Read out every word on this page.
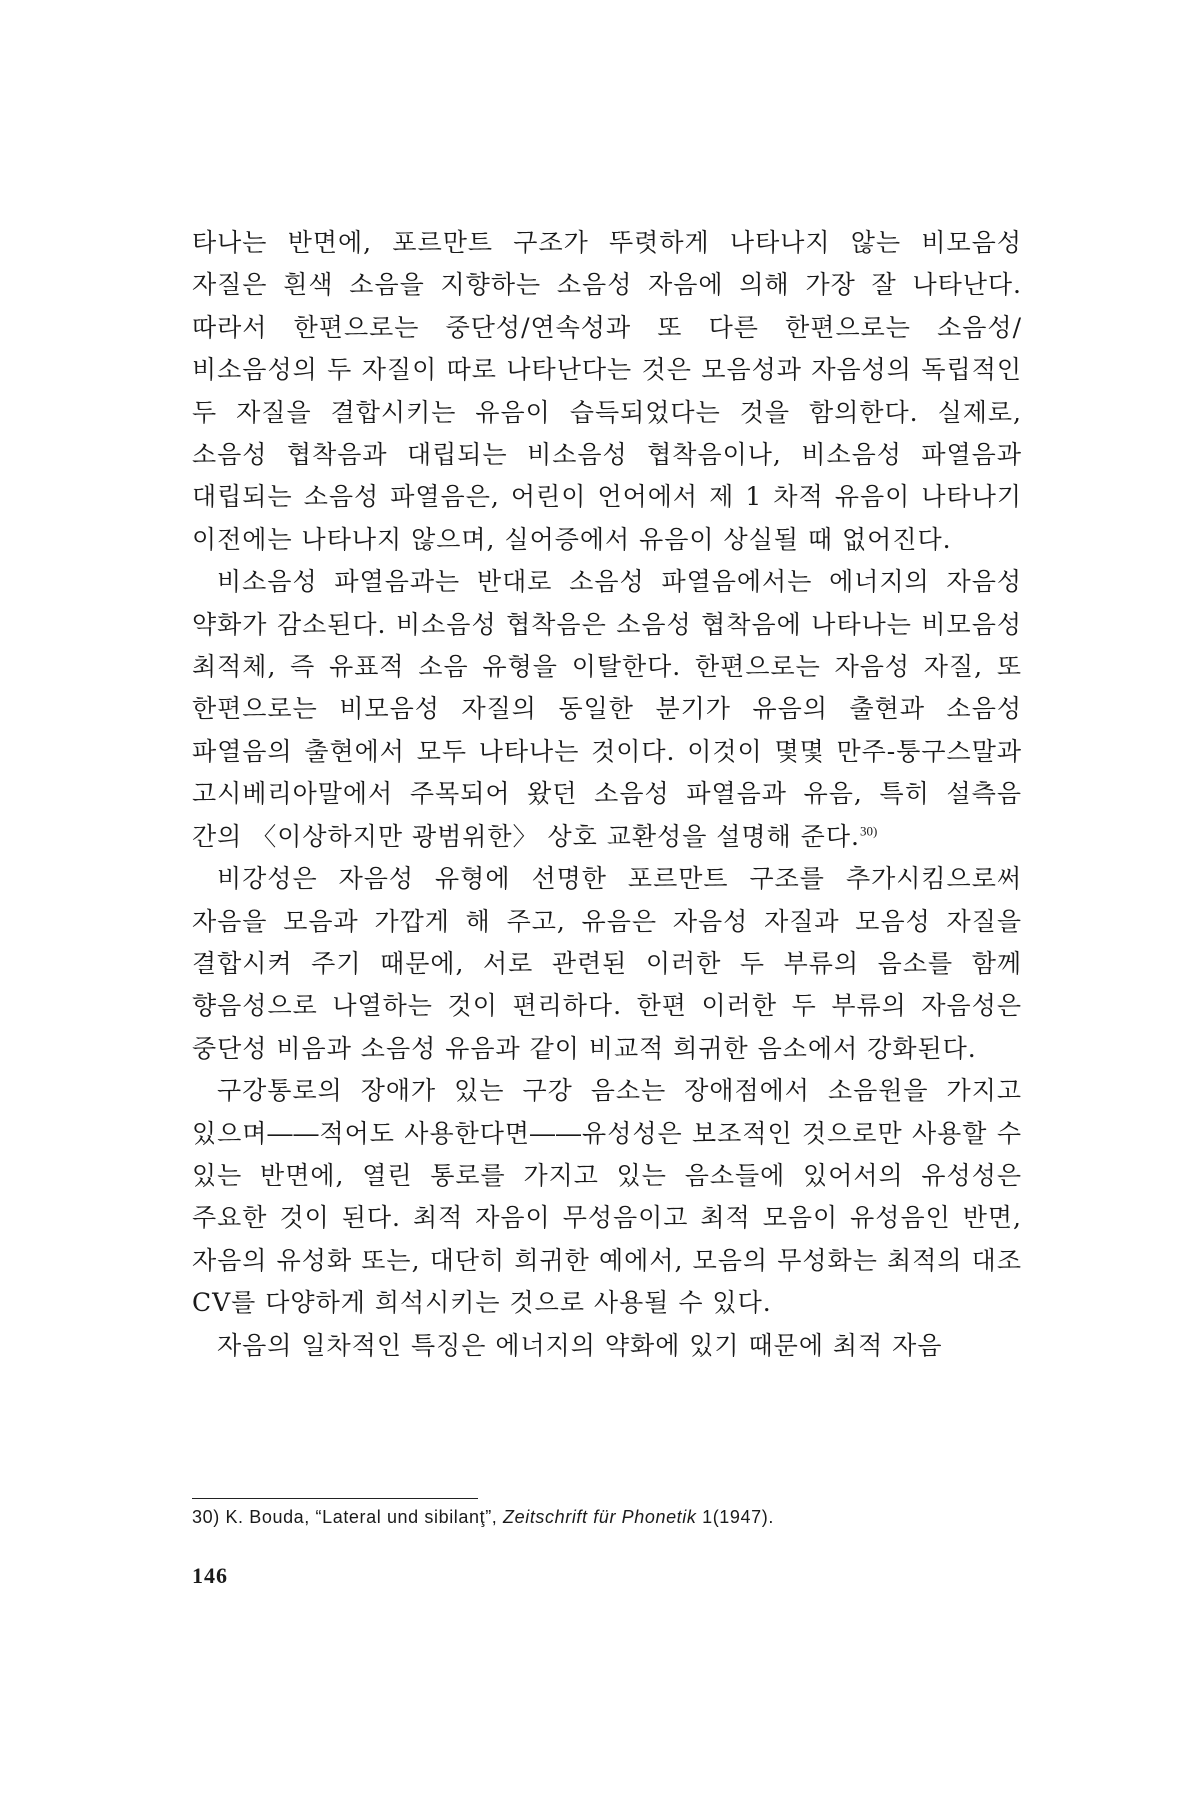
타나는 반면에, 포르만트 구조가 뚜렷하게 나타나지 않는 비모음성 자질은 흰색 소음을 지향하는 소음성 자음에 의해 가장 잘 나타난다. 따라서 한편으로는 중단성/연속성과 또 다른 한편으로는 소음성/비소음성의 두 자질이 따로 나타난다는 것은 모음성과 자음성의 독립적인 두 자질을 결합시키는 유음이 습득되었다는 것을 함의한다. 실제로, 소음성 협착음과 대립되는 비소음성 협착음이나, 비소음성 파열음과 대립되는 소음성 파열음은, 어린이 언어에서 제 1 차적 유음이 나타나기 이전에는 나타나지 않으며, 실어증에서 유음이 상실될 때 없어진다.

비소음성 파열음과는 반대로 소음성 파열음에서는 에너지의 자음성 약화가 감소된다. 비소음성 협착음은 소음성 협착음에 나타나는 비모음성 최적체, 즉 유표적 소음 유형을 이탈한다. 한편으로는 자음성 자질, 또 한편으로는 비모음성 자질의 동일한 분기가 유음의 출현과 소음성 파열음의 출현에서 모두 나타나는 것이다. 이것이 몇몇 만주-퉁구스말과 고시베리아말에서 주목되어 왔던 소음성 파열음과 유음, 특히 설측음 간의 〈이상하지만 광범위한〉 상호 교환성을 설명해 준다.$^{30)}$

비강성은 자음성 유형에 선명한 포르만트 구조를 추가시킴으로써 자음을 모음과 가깝게 해 주고, 유음은 자음성 자질과 모음성 자질을 결합시켜 주기 때문에, 서로 관련된 이러한 두 부류의 음소를 함께 향음성으로 나열하는 것이 편리하다. 한편 이러한 두 부류의 자음성은 중단성 비음과 소음성 유음과 같이 비교적 희귀한 음소에서 강화된다.

구강통로의 장애가 있는 구강 음소는 장애점에서 소음원을 가지고 있으며――적어도 사용한다면――유성성은 보조적인 것으로만 사용할 수 있는 반면에, 열린 통로를 가지고 있는 음소들에 있어서의 유성성은 주요한 것이 된다. 최적 자음이 무성음이고 최적 모음이 유성음인 반면, 자음의 유성화 또는, 대단히 희귀한 예에서, 모음의 무성화는 최적의 대조 CV를 다양하게 희석시키는 것으로 사용될 수 있다.

자음의 일차적인 특징은 에너지의 약화에 있기 때문에 최적 자음

30) K. Bouda, “Lateral und sibilanţ”, Zeitschrift für Phonetik 1(1947).
146
